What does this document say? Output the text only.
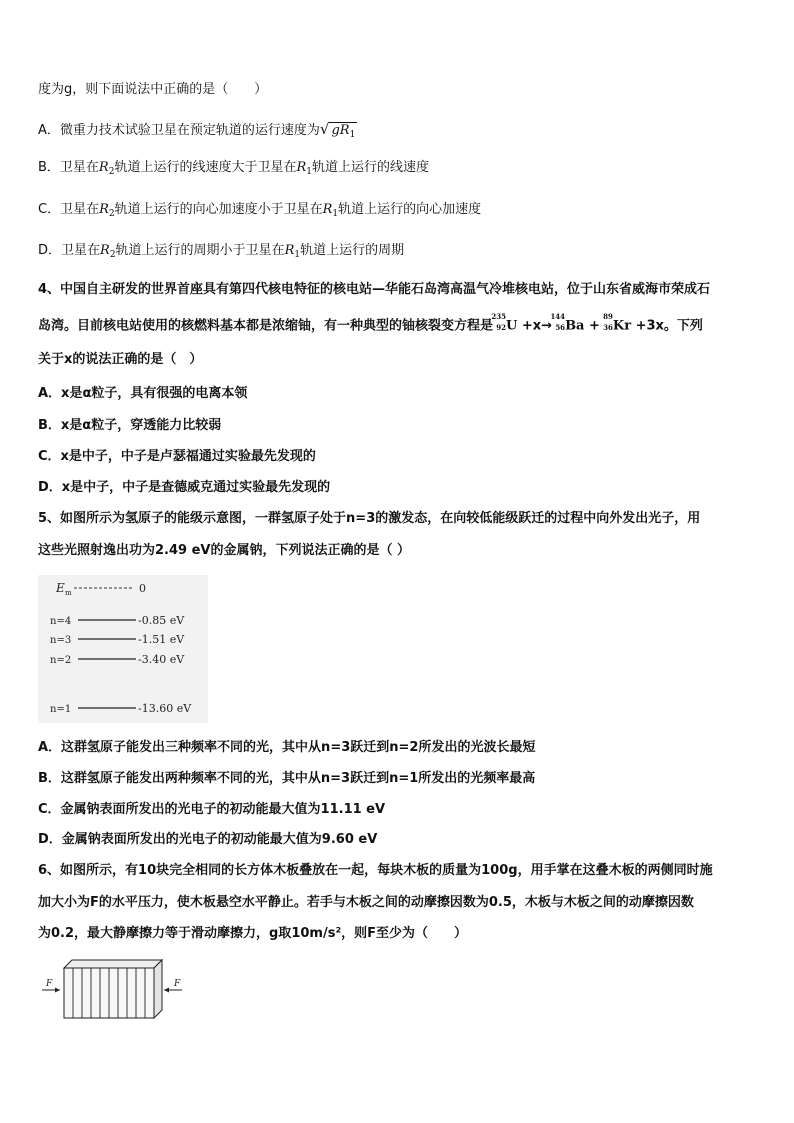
度为g，则下面说法中正确的是（　　）
A．微重力技术试验卫星在预定轨道的运行速度为√ $gR_1$
B．卫星在$R_2$轨道上运行的线速度大于卫星在$R_1$轨道上运行的线速度
C．卫星在$R_2$轨道上运行的向心加速度小于卫星在$R_1$轨道上运行的向心加速度
D．卫星在$R_2$轨道上运行的周期小于卫星在$R_1$轨道上运行的周期
4、中国自主研发的世界首座具有第四代核电特征的核电站—华能石岛湾高温气冷堆核电站，位于山东省威海市荣成石
岛湾。目前核电站使用的核燃料基本都是浓缩铀，有一种典型的铀核裂变方程是
235
92 U +x→
144
56 Ba +
89
36 Kr +3x。下列
关于x的说法正确的是（　）
A．x是α粒子，具有很强的电离本领
B．x是α粒子，穿透能力比较弱
C．x是中子，中子是卢瑟福通过实验最先发现的
D．x是中子，中子是查德威克通过实验最先发现的
5、如图所示为氢原子的能级示意图，一群氢原子处于n=3的激发态，在向较低能级跃迁的过程中向外发出光子，用
这些光照射逸出功为2.49 eV的金属钠，下列说法正确的是（ ）
E m	0
n=4	-0.85 eV
n=3	-1.51 eV
n=2	-3.40 eV
n=1	-13.60 eV
A．这群氢原子能发出三种频率不同的光，其中从n=3跃迁到n=2所发出的光波长最短
B．这群氢原子能发出两种频率不同的光，其中从n=3跃迁到n=1所发出的光频率最高
C．金属钠表面所发出的光电子的初动能最大值为11.11 eV
D．金属钠表面所发出的光电子的初动能最大值为9.60 eV
6、如图所示，有10块完全相同的长方体木板叠放在一起，每块木板的质量为100g，用手掌在这叠木板的两侧同时施
加大小为F的水平压力，使木板悬空水平静止。若手与木板之间的动摩擦因数为0.5，木板与木板之间的动摩擦因数
为0.2，最大静摩擦力等于滑动摩擦力，g取10m/s²，则F至少为（　　）
F	F
